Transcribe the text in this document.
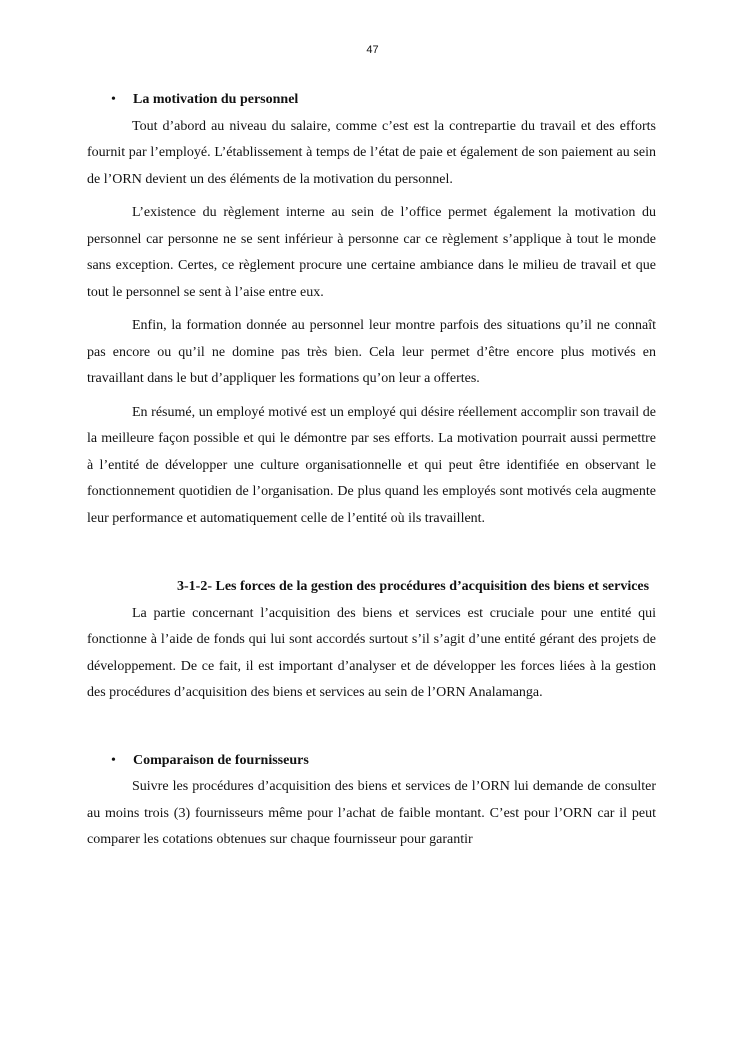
47
• La motivation du personnel

Tout d’abord au niveau du salaire, comme c’est est la contrepartie du travail et des efforts fournit par l’employé. L’établissement à temps de l’état de paie et également de son paiement au sein de l’ORN devient un des éléments de la motivation du personnel.

L’existence du règlement interne au sein de l’office permet également la motivation du personnel car personne ne se sent inférieur à personne car ce règlement s’applique à tout le monde sans exception. Certes, ce règlement procure une certaine ambiance dans le milieu de travail et que tout le personnel se sent à l’aise entre eux.

Enfin, la formation donnée au personnel leur montre parfois des situations qu’il ne connaît pas encore ou qu’il ne domine pas très bien. Cela leur permet d’être encore plus motivés en travaillant dans le but d’appliquer les formations qu’on leur a offertes.

En résumé, un employé motivé est un employé qui désire réellement accomplir son travail de la meilleure façon possible et qui le démontre par ses efforts. La motivation pourrait aussi permettre à l’entité de développer une culture organisationnelle et qui peut être identifiée en observant le fonctionnement quotidien de l’organisation. De plus quand les employés sont motivés cela augmente leur performance et automatiquement celle de l’entité où ils travaillent.

3-1-2- Les forces de la gestion des procédures d’acquisition des biens et services

La partie concernant l’acquisition des biens et services est cruciale pour une entité qui fonctionne à l’aide de fonds qui lui sont accordés surtout s’il s’agit d’une entité gérant des projets de développement. De ce fait, il est important d’analyser et de développer les forces liées à la gestion des procédures d’acquisition des biens et services au sein de l’ORN Analamanga.

• Comparaison de fournisseurs

Suivre les procédures d’acquisition des biens et services de l’ORN lui demande de consulter au moins trois (3) fournisseurs même pour l’achat de faible montant. C’est pour l’ORN car il peut comparer les cotations obtenues sur chaque fournisseur pour garantir
